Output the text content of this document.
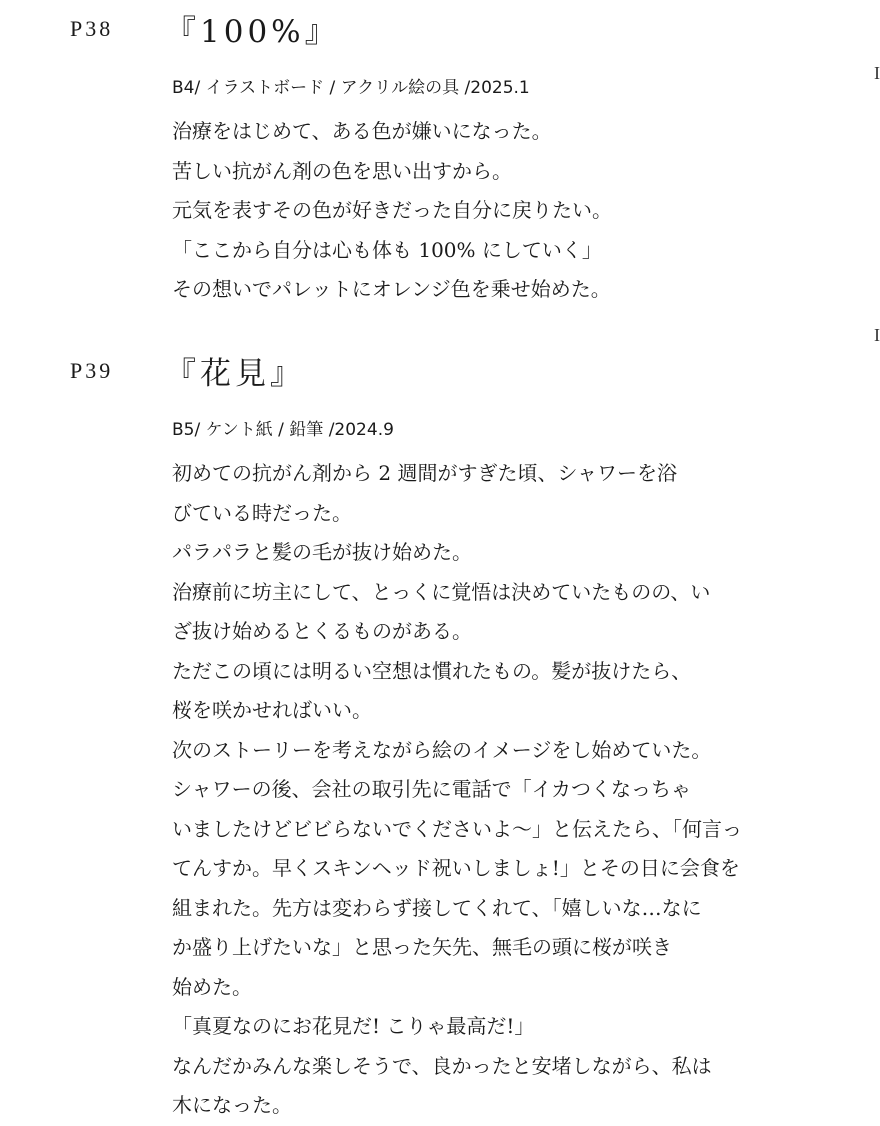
P38 『100%』
B4/ イラストボード / アクリル絵の具 /2025.1
治療をはじめて、ある色が嫌いになった。
苦しい抗がん剤の色を思い出すから。
元気を表すその色が好きだった自分に戻りたい。
「ここから自分は心も体も 100% にしていく」
その想いでパレットにオレンジ色を乗せ始めた。
P39 『花見』
B5/ ケント紙 / 鉛筆 /2024.9
初めての抗がん剤から 2 週間がすぎた頃、シャワーを浴
びている時だった。
パラパラと髪の毛が抜け始めた。
治療前に坊主にして、とっくに覚悟は決めていたものの、い
ざ抜け始めるとくるものがある。
ただこの頃には明るい空想は慣れたもの。髪が抜けたら、
桜を咲かせればいい。
次のストーリーを考えながら絵のイメージをし始めていた。
シャワーの後、会社の取引先に電話で「イカつくなっちゃ
いましたけどビビらないでくださいよ〜」と伝えたら、「何言っ
てんすか。早くスキンヘッド祝いしましょ!」とその日に会食を
組まれた。先方は変わらず接してくれて、「嬉しいな…なに
か盛り上げたいな」と思った矢先、無毛の頭に桜が咲き
始めた。
「真夏なのにお花見だ! こりゃ最高だ!」
なんだかみんな楽しそうで、良かったと安堵しながら、私は
木になった。
I
I
